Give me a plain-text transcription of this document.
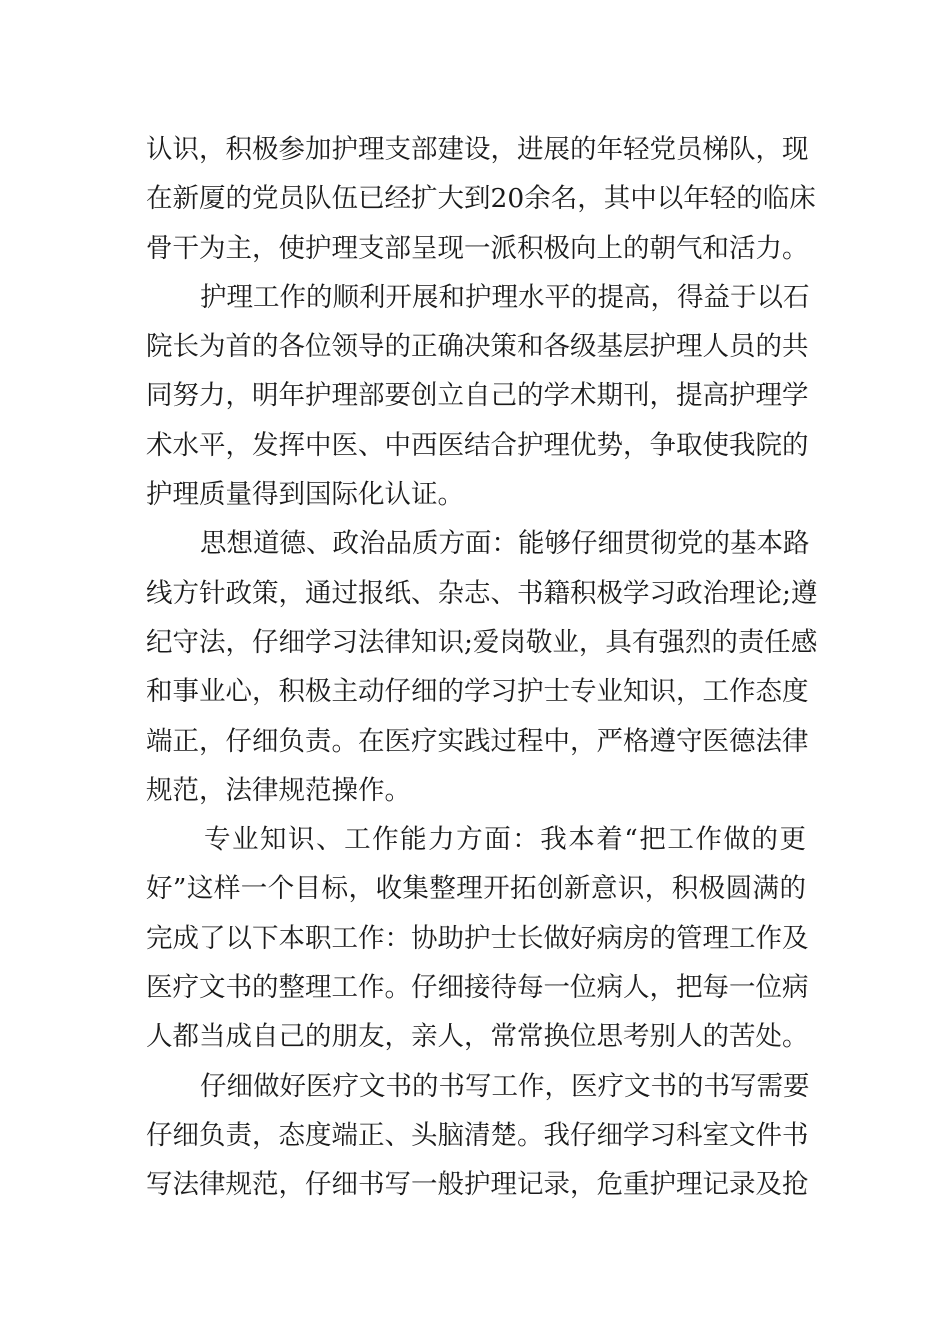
认识，积极参加护理支部建设，进展的年轻党员梯队，现
在新厦的党员队伍已经扩大到20余名，其中以年轻的临床
骨干为主，使护理支部呈现一派积极向上的朝气和活力。
护理工作的顺利开展和护理水平的提高，得益于以石
院长为首的各位领导的正确决策和各级基层护理人员的共
同努力，明年护理部要创立自己的学术期刊，提高护理学
术水平，发挥中医、中西医结合护理优势，争取使我院的
护理质量得到国际化认证。
思想道德、政治品质方面：能够仔细贯彻党的基本路
线方针政策，通过报纸、杂志、书籍积极学习政治理论;遵
纪守法，仔细学习法律知识;爱岗敬业，具有强烈的责任感
和事业心，积极主动仔细的学习护士专业知识，工作态度
端正，仔细负责。在医疗实践过程中，严格遵守医德法律
规范，法律规范操作。
专业知识、工作能力方面：我本着“把工作做的更
好”这样一个目标，收集整理开拓创新意识，积极圆满的
完成了以下本职工作：协助护士长做好病房的管理工作及
医疗文书的整理工作。仔细接待每一位病人，把每一位病
人都当成自己的朋友，亲人，常常换位思考别人的苦处。
仔细做好医疗文书的书写工作，医疗文书的书写需要
仔细负责，态度端正、头脑清楚。我仔细学习科室文件书
写法律规范，仔细书写一般护理记录，危重护理记录及抢
